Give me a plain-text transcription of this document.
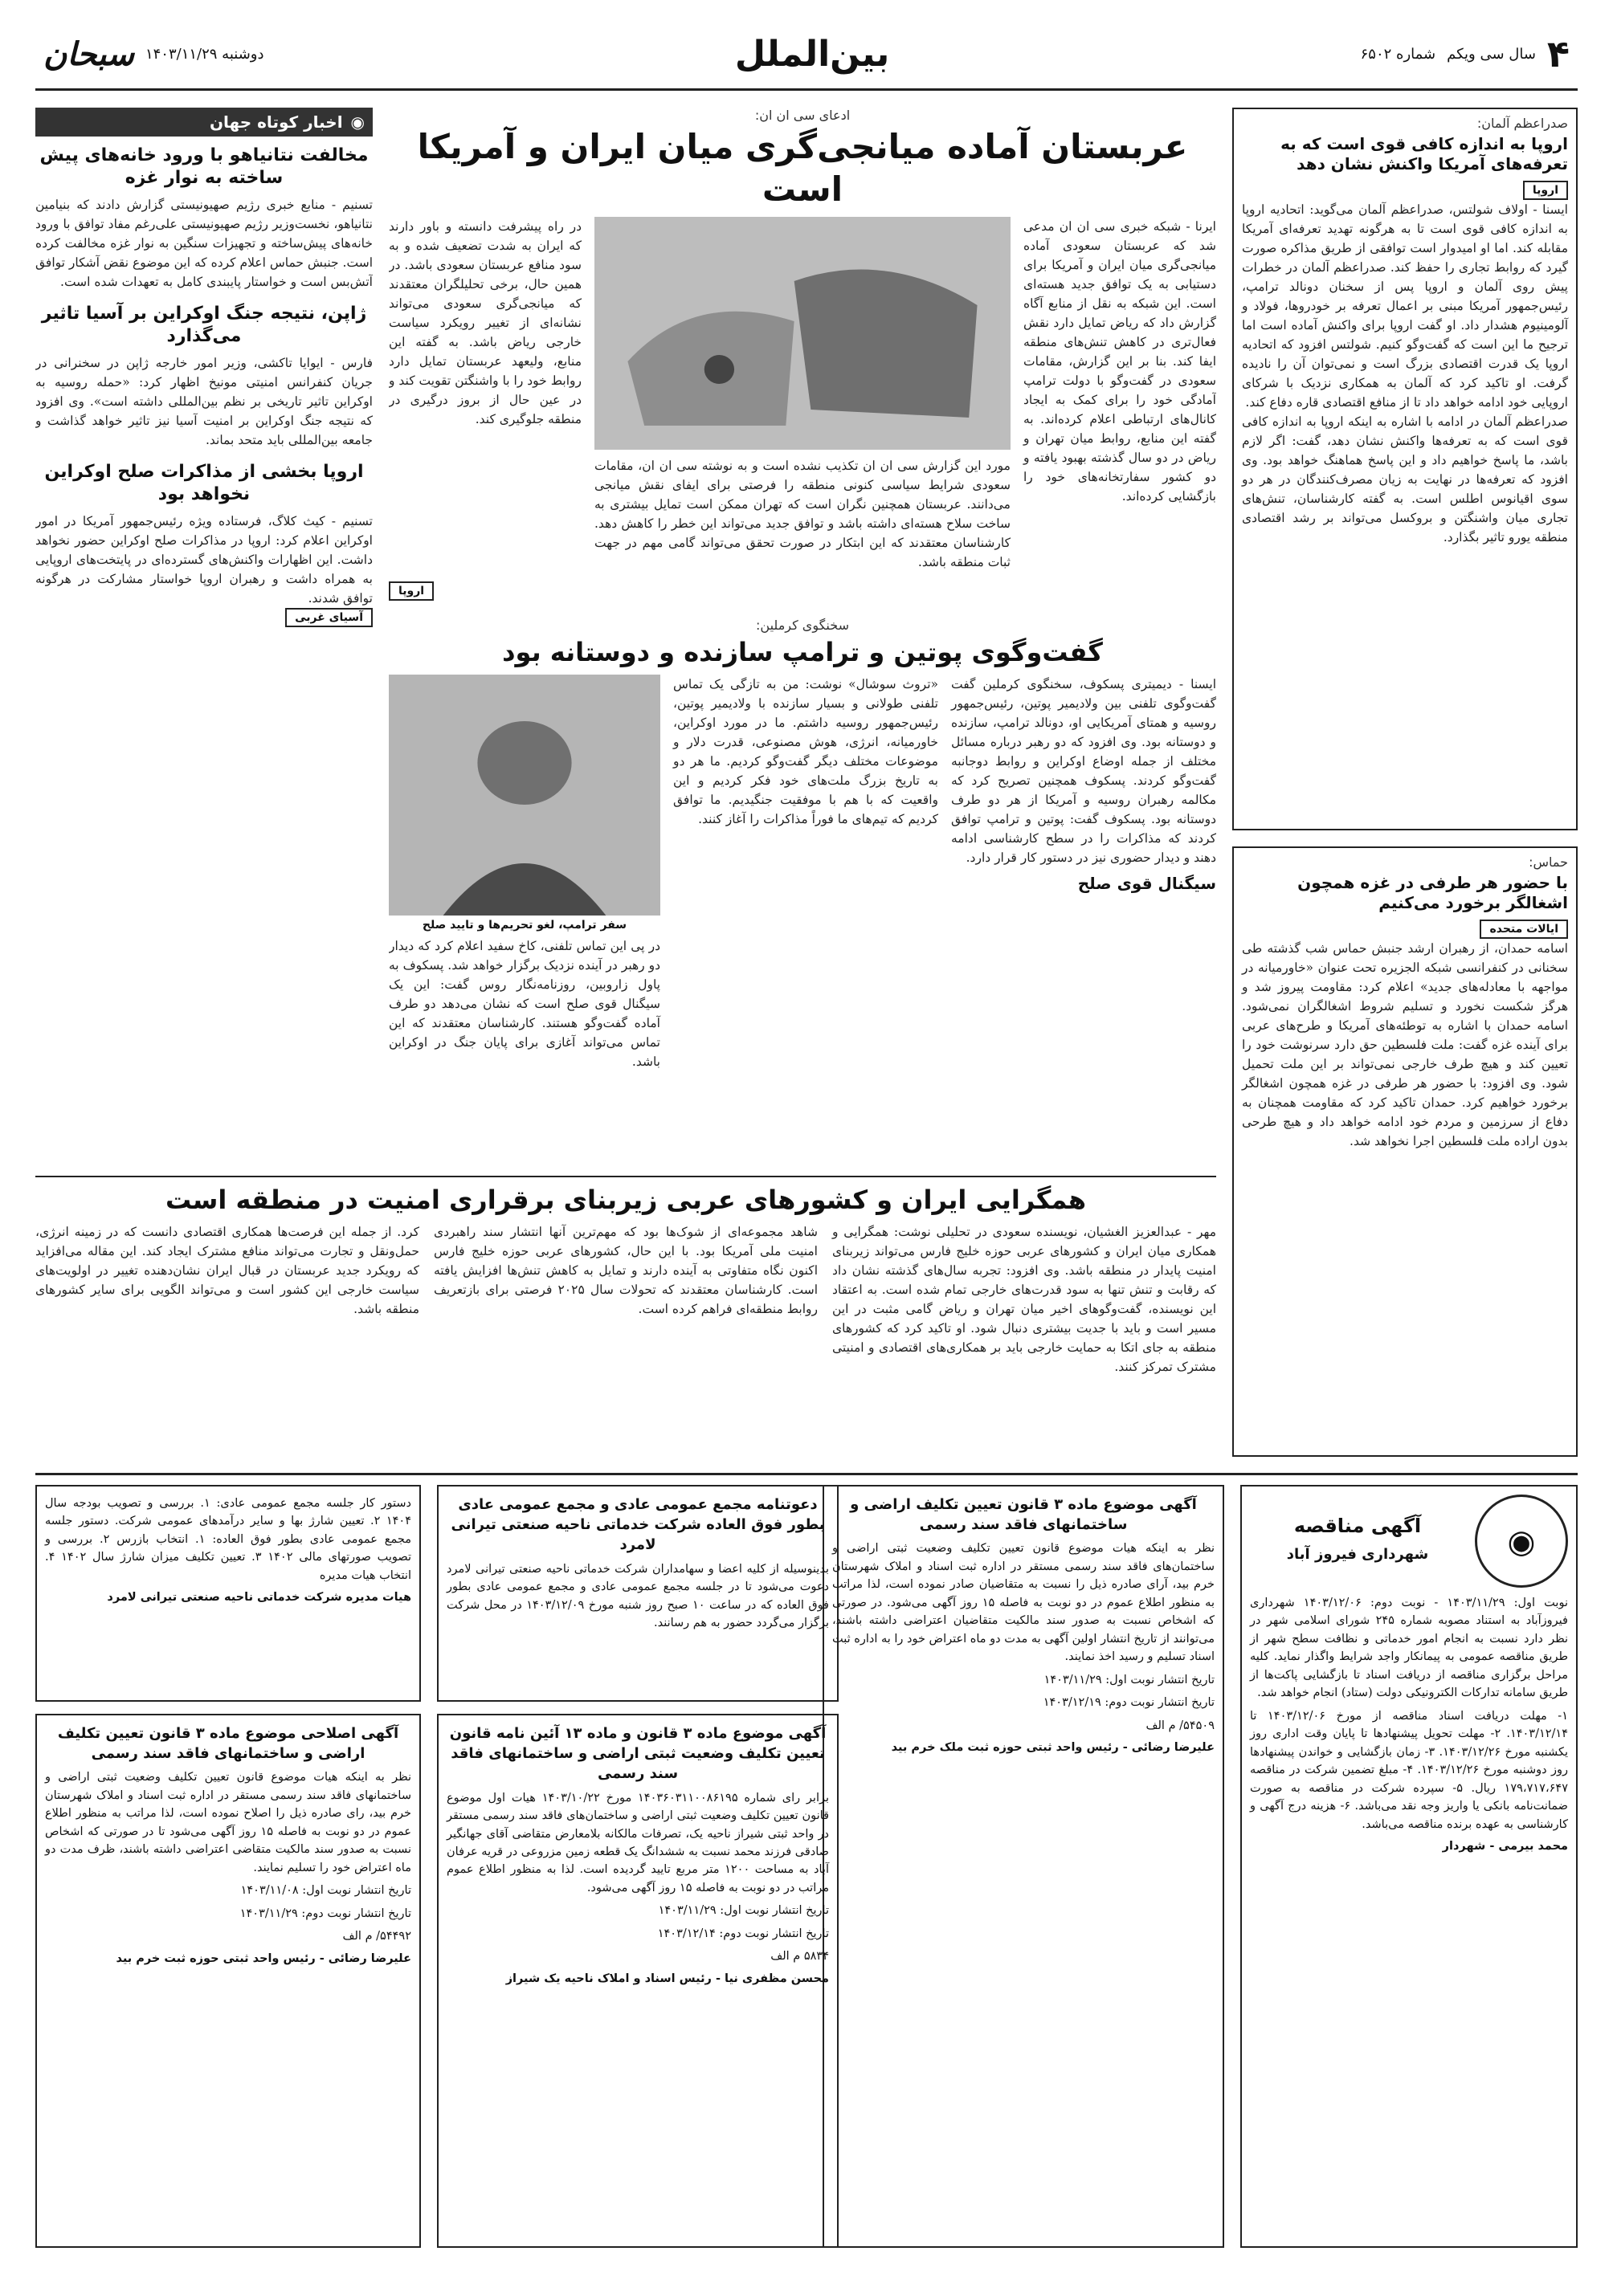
۴
سال سی ویکم
شماره ۶۵۰۲
بین‌الملل
دوشنبه ۱۴۰۳/۱۱/۲۹
سبحان

صدراعظم آلمان:

اروپا به اندازه کافی قوی است که به تعرفه‌های آمریکا واکنش نشان دهد
اروپا

ایسنا - اولاف شولتس، صدراعظم آلمان می‌گوید: اتحادیه اروپا به اندازه کافی قوی است تا به هرگونه تهدید تعرفه‌ای آمریکا مقابله کند. اما او امیدوار است توافقی از طریق مذاکره صورت گیرد که روابط تجاری را حفظ کند. صدراعظم آلمان در خطرات پیش روی آلمان و اروپا پس از سخنان دونالد ترامپ، رئیس‌جمهور آمریکا مبنی بر اعمال تعرفه بر خودروها، فولاد و آلومینیوم هشدار داد. او گفت اروپا برای واکنش آماده است اما ترجیح ما این است که گفت‌وگو کنیم. شولتس افزود که اتحادیه اروپا یک قدرت اقتصادی بزرگ است و نمی‌توان آن را نادیده گرفت. او تاکید کرد که آلمان به همکاری نزدیک با شرکای اروپایی خود ادامه خواهد داد تا از منافع اقتصادی قاره دفاع کند.

صدراعظم آلمان در ادامه با اشاره به اینکه اروپا به اندازه کافی قوی است که به تعرفه‌ها واکنش نشان دهد، گفت: اگر لازم باشد، ما پاسخ خواهیم داد و این پاسخ هماهنگ خواهد بود. وی افزود که تعرفه‌ها در نهایت به زیان مصرف‌کنندگان در هر دو سوی اقیانوس اطلس است. به گفته کارشناسان، تنش‌های تجاری میان واشنگتن و بروکسل می‌تواند بر رشد اقتصادی منطقه یورو تاثیر بگذارد.

حماس:

با حضور هر طرفی در غزه همچون اشغالگر برخورد می‌کنیم
ایالات متحده

اسامه حمدان، از رهبران ارشد جنبش حماس شب گذشته طی سخنانی در کنفرانسی شبکه الجزیره تحت عنوان «خاورمیانه در مواجهه با معادله‌های جدید» اعلام کرد: مقاومت پیروز شد و هرگز شکست نخورد و تسلیم شروط اشغالگران نمی‌شود. اسامه حمدان با اشاره به توطئه‌های آمریکا و طرح‌های عربی برای آینده غزه گفت: ملت فلسطین حق دارد سرنوشت خود را تعیین کند و هیچ طرف خارجی نمی‌تواند بر این ملت تحمیل شود. وی افزود: با حضور هر طرفی در غزه همچون اشغالگر برخورد خواهیم کرد. حمدان تاکید کرد که مقاومت همچنان به دفاع از سرزمین و مردم خود ادامه خواهد داد و هیچ طرحی بدون اراده ملت فلسطین اجرا نخواهد شد.

◉
اخبار کوتاه جهان
مخالفت نتانیاهو با ورود خانه‌های پیش ساخته به نوار غزه

تسنیم - منابع خبری رژیم صهیونیستی گزارش دادند که بنیامین نتانیاهو، نخست‌وزیر رژیم صهیونیستی علی‌رغم مفاد توافق با ورود خانه‌های پیش‌ساخته و تجهیزات سنگین به نوار غزه مخالفت کرده است. جنبش حماس اعلام کرده که این موضوع نقض آشکار توافق آتش‌بس است و خواستار پایبندی کامل به تعهدات شده است.

ژاپن، نتیجه جنگ اوکراین بر آسیا تاثیر می‌گذارد

فارس - ایوایا تاکشی، وزیر امور خارجه ژاپن در سخنرانی در جریان کنفرانس امنیتی مونیخ اظهار کرد: «حمله روسیه به اوکراین تاثیر تاریخی بر نظم بین‌المللی داشته است». وی افزود که نتیجه جنگ اوکراین بر امنیت آسیا نیز تاثیر خواهد گذاشت و جامعه بین‌المللی باید متحد بماند.

اروپا بخشی از مذاکرات صلح اوکراین نخواهد بود

تسنیم - کیث کلاگ، فرستاده ویژه رئیس‌جمهور آمریکا در امور اوکراین اعلام کرد: اروپا در مذاکرات صلح اوکراین حضور نخواهد داشت. این اظهارات واکنش‌های گسترده‌ای در پایتخت‌های اروپایی به همراه داشت و رهبران اروپا خواستار مشارکت در هرگونه توافق شدند.

آسیای غربی

ادعای سی ان ان:

عربستان آماده میانجی‌گری میان ایران و آمریکا است

ایرنا - شبکه خبری سی ان ان مدعی شد که عربستان سعودی آماده میانجی‌گری میان ایران و آمریکا برای دستیابی به یک توافق جدید هسته‌ای است. این شبکه به نقل از منابع آگاه گزارش داد که ریاض تمایل دارد نقش فعال‌تری در کاهش تنش‌های منطقه ایفا کند. بنا بر این گزارش، مقامات سعودی در گفت‌وگو با دولت ترامپ آمادگی خود را برای کمک به ایجاد کانال‌های ارتباطی اعلام کرده‌اند. به گفته این منابع، روابط میان تهران و ریاض در دو سال گذشته بهبود یافته و دو کشور سفارتخانه‌های خود را بازگشایی کرده‌اند.

مورد این گزارش سی ان ان تکذیب نشده است و به نوشته سی ان ان، مقامات سعودی شرایط سیاسی کنونی منطقه را فرصتی برای ایفای نقش میانجی می‌دانند. عربستان همچنین نگران است که تهران ممکن است تمایل بیشتری به ساخت سلاح هسته‌ای داشته باشد و توافق جدید می‌تواند این خطر را کاهش دهد. کارشناسان معتقدند که این ابتکار در صورت تحقق می‌تواند گامی مهم در جهت ثبات منطقه باشد.

در راه پیشرفت دانسته و باور دارند که ایران به شدت تضعیف شده و به سود منافع عربستان سعودی باشد. در همین حال، برخی تحلیلگران معتقدند که میانجی‌گری سعودی می‌تواند نشانه‌ای از تغییر رویکرد سیاست خارجی ریاض باشد. به گفته این منابع، ولیعهد عربستان تمایل دارد روابط خود را با واشنگتن تقویت کند و در عین حال از بروز درگیری در منطقه جلوگیری کند.

اروپا

سخنگوی کرملین:

گفت‌وگوی پوتین و ترامپ سازنده و دوستانه بود

ایسنا - دیمیتری پسکوف، سخنگوی کرملین گفت گفت‌وگوی تلفنی بین ولادیمیر پوتین، رئیس‌جمهور روسیه و همتای آمریکایی او، دونالد ترامپ، سازنده و دوستانه بود. وی افزود که دو رهبر درباره مسائل مختلف از جمله اوضاع اوکراین و روابط دوجانبه گفت‌وگو کردند. پسکوف همچنین تصریح کرد که مکالمه رهبران روسیه و آمریکا از هر دو طرف دوستانه بود. پسکوف گفت: پوتین و ترامپ توافق کردند که مذاکرات را در سطح کارشناسی ادامه دهند و دیدار حضوری نیز در دستور کار قرار دارد.

سیگنال قوی صلح

«تروث سوشال» نوشت: من به تازگی یک تماس تلفنی طولانی و بسیار سازنده با ولادیمیر پوتین، رئیس‌جمهور روسیه داشتم. ما در مورد اوکراین، خاورمیانه، انرژی، هوش مصنوعی، قدرت دلار و موضوعات مختلف دیگر گفت‌وگو کردیم. ما هر دو به تاریخ بزرگ ملت‌های خود فکر کردیم و این واقعیت که با هم با موفقیت جنگیدیم. ما توافق کردیم که تیم‌های ما فوراً مذاکرات را آغاز کنند.

سفر ترامپ، لغو تحریم‌ها و تایید صلح

در پی این تماس تلفنی، کاخ سفید اعلام کرد که دیدار دو رهبر در آینده نزدیک برگزار خواهد شد. پسکوف به پاول زاروبین، روزنامه‌نگار روس گفت: این یک سیگنال قوی صلح است که نشان می‌دهد دو طرف آماده گفت‌وگو هستند. کارشناسان معتقدند که این تماس می‌تواند آغازی برای پایان جنگ در اوکراین باشد.

همگرایی ایران و کشورهای عربی زیربنای برقراری امنیت در منطقه است

مهر - عبدالعزیز الغشیان، نویسنده سعودی در تحلیلی نوشت: همگرایی و همکاری میان ایران و کشورهای عربی حوزه خلیج فارس می‌تواند زیربنای امنیت پایدار در منطقه باشد. وی افزود: تجربه سال‌های گذشته نشان داد که رقابت و تنش تنها به سود قدرت‌های خارجی تمام شده است. به اعتقاد این نویسنده، گفت‌وگوهای اخیر میان تهران و ریاض گامی مثبت در این مسیر است و باید با جدیت بیشتری دنبال شود. او تاکید کرد که کشورهای منطقه به جای اتکا به حمایت خارجی باید بر همکاری‌های اقتصادی و امنیتی مشترک تمرکز کنند.

شاهد مجموعه‌ای از شوک‌ها بود که مهم‌ترین آنها انتشار سند راهبردی امنیت ملی آمریکا بود. با این حال، کشورهای عربی حوزه خلیج فارس اکنون نگاه متفاوتی به آینده دارند و تمایل به کاهش تنش‌ها افزایش یافته است. کارشناسان معتقدند که تحولات سال ۲۰۲۵ فرصتی برای بازتعریف روابط منطقه‌ای فراهم کرده است.

کرد. از جمله این فرصت‌ها همکاری اقتصادی دانست که در زمینه انرژی، حمل‌ونقل و تجارت می‌تواند منافع مشترک ایجاد کند. این مقاله می‌افزاید که رویکرد جدید عربستان در قبال ایران نشان‌دهنده تغییر در اولویت‌های سیاست خارجی این کشور است و می‌تواند الگویی برای سایر کشورهای منطقه باشد.

◉
آگهی مناقصه
شهرداری فیروز آباد

نوبت اول: ۱۴۰۳/۱۱/۲۹ - نوبت دوم: ۱۴۰۳/۱۲/۰۶ شهرداری فیروزآباد به استناد مصوبه شماره ۲۴۵ شورای اسلامی شهر در نظر دارد نسبت به انجام امور خدماتی و نظافت سطح شهر از طریق مناقصه عمومی به پیمانکار واجد شرایط واگذار نماید. کلیه مراحل برگزاری مناقصه از دریافت اسناد تا بازگشایی پاکت‌ها از طریق سامانه تدارکات الکترونیکی دولت (ستاد) انجام خواهد شد.

۱- مهلت دریافت اسناد مناقصه از مورخ ۱۴۰۳/۱۲/۰۶ تا ۱۴۰۳/۱۲/۱۴. ۲- مهلت تحویل پیشنهادها تا پایان وقت اداری روز یکشنبه مورخ ۱۴۰۳/۱۲/۲۶. ۳- زمان بازگشایی و خواندن پیشنهادها روز دوشنبه مورخ ۱۴۰۳/۱۲/۲۶. ۴- مبلغ تضمین شرکت در مناقصه ۱۷۹،۷۱۷،۶۴۷ ریال. ۵- سپرده شرکت در مناقصه به صورت ضمانت‌نامه بانکی یا واریز وجه نقد می‌باشد. ۶- هزینه درج آگهی و کارشناسی به عهده برنده مناقصه می‌باشد.

محمد بیرمی - شهردار
آگهی موضوع ماده ۳ قانون تعیین تکلیف اراضی و ساختمانهای فاقد سند رسمی

نظر به اینکه هیات موضوع قانون تعیین تکلیف وضعیت ثبتی اراضی و ساختمان‌های فاقد سند رسمی مستقر در اداره ثبت اسناد و املاک شهرستان خرم بید، آرای صادره ذیل را نسبت به متقاضیان صادر نموده است، لذا مراتب به منظور اطلاع عموم در دو نوبت به فاصله ۱۵ روز آگهی می‌شود. در صورتی که اشخاص نسبت به صدور سند مالکیت متقاضیان اعتراضی داشته باشند، می‌توانند از تاریخ انتشار اولین آگهی به مدت دو ماه اعتراض خود را به اداره ثبت اسناد تسلیم و رسید اخذ نمایند.

تاریخ انتشار نوبت اول: ۱۴۰۳/۱۱/۲۹

تاریخ انتشار نوبت دوم: ۱۴۰۳/۱۲/۱۹

۵۴۵۰۹/ م الف

علیرضا رضائی - رئیس واحد ثبتی حوزه ثبت ملک خرم بید
دعوتنامه مجمع عمومی عادی و مجمع عمومی عادی بطور فوق العاده شرکت خدماتی ناحیه صنعتی تیرانی لامرد

بدینوسیله از کلیه اعضا و سهامداران شرکت خدماتی ناحیه صنعتی تیرانی لامرد دعوت می‌شود تا در جلسه مجمع عمومی عادی و مجمع عمومی عادی بطور فوق العاده که در ساعت ۱۰ صبح روز شنبه مورخ ۱۴۰۳/۱۲/۰۹ در محل شرکت برگزار می‌گردد حضور به هم رسانند.

دستور کار جلسه مجمع عمومی عادی: ۱. بررسی و تصویب بودجه سال ۱۴۰۴ ۲. تعیین شارژ بها و سایر درآمدهای عمومی شرکت. دستور جلسه مجمع عمومی عادی بطور فوق العاده: ۱. انتخاب بازرس ۲. بررسی و تصویب صورتهای مالی ۱۴۰۲ ۳. تعیین تکلیف میزان شارژ سال ۱۴۰۲ ۴. انتخاب هیات مدیره

هیات مدیره شرکت خدماتی ناحیه صنعتی تیرانی لامرد
آگهی موضوع ماده ۳ قانون و ماده ۱۳ آئین نامه قانون تعیین تکلیف وضعیت ثبتی اراضی و ساختمانهای فاقد سند رسمی

برابر رای شماره ۱۴۰۳۶۰۳۱۱۰۰۸۶۱۹۵ مورخ ۱۴۰۳/۱۰/۲۲ هیات اول موضوع قانون تعیین تکلیف وضعیت ثبتی اراضی و ساختمان‌های فاقد سند رسمی مستقر در واحد ثبتی شیراز ناحیه یک، تصرفات مالکانه بلامعارض متقاضی آقای جهانگیر صادقی فرزند محمد نسبت به ششدانگ یک قطعه زمین مزروعی در قریه عرفان آباد به مساحت ۱۲۰۰ متر مربع تایید گردیده است. لذا به منظور اطلاع عموم مراتب در دو نوبت به فاصله ۱۵ روز آگهی می‌شود.

تاریخ انتشار نوبت اول: ۱۴۰۳/۱۱/۲۹

تاریخ انتشار نوبت دوم: ۱۴۰۳/۱۲/۱۴

۵۸۳۴ م الف

محسن مظفری نیا - رئیس اسناد و املاک ناحیه یک شیراز
آگهی اصلاحی موضوع ماده ۳ قانون تعیین تکلیف اراضی و ساختمانهای فاقد سند رسمی

نظر به اینکه هیات موضوع قانون تعیین تکلیف وضعیت ثبتی اراضی و ساختمانهای فاقد سند رسمی مستقر در اداره ثبت اسناد و املاک شهرستان خرم بید، رای صادره ذیل را اصلاح نموده است، لذا مراتب به منظور اطلاع عموم در دو نوبت به فاصله ۱۵ روز آگهی می‌شود تا در صورتی که اشخاص نسبت به صدور سند مالکیت متقاضی اعتراضی داشته باشند، ظرف مدت دو ماه اعتراض خود را تسلیم نمایند.

تاریخ انتشار نوبت اول: ۱۴۰۳/۱۱/۰۸

تاریخ انتشار نوبت دوم: ۱۴۰۳/۱۱/۲۹

۵۴۴۹۲/ م الف

علیرضا رضائی - رئیس واحد ثبتی حوزه ثبت خرم بید
